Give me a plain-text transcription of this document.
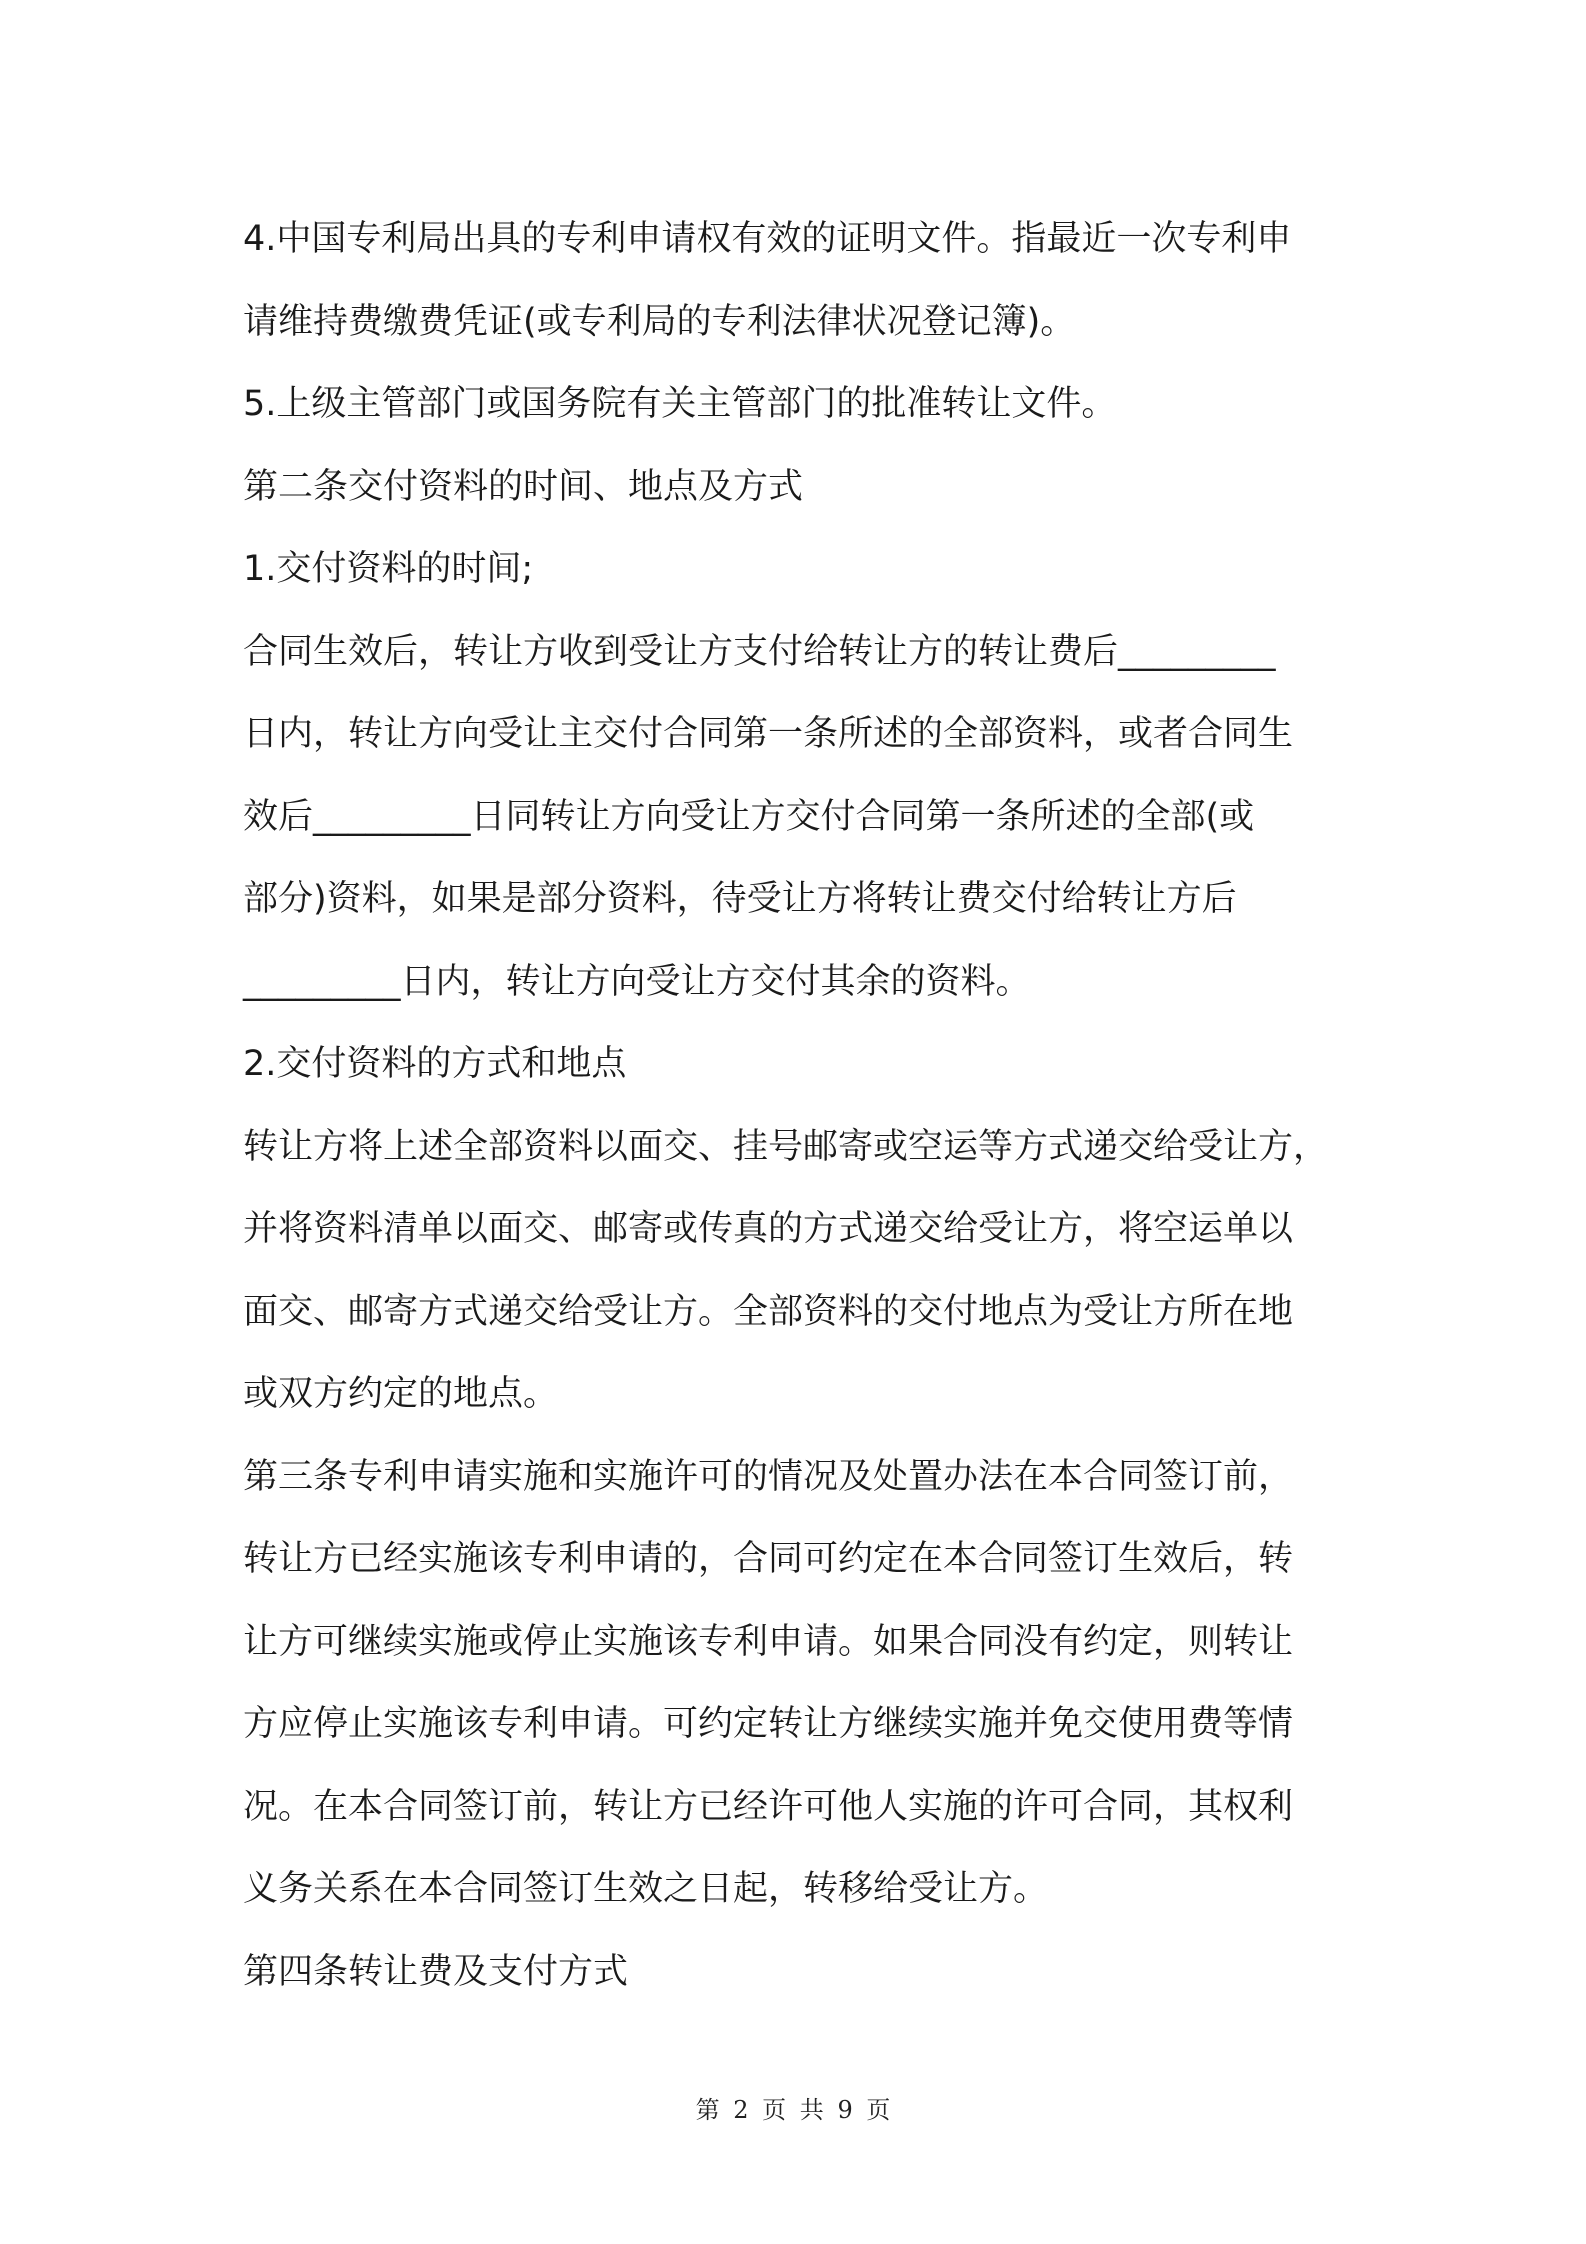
4.中国专利局出具的专利申请权有效的证明文件。指最近一次专利申
请维持费缴费凭证(或专利局的专利法律状况登记簿)。
5.上级主管部门或国务院有关主管部门的批准转让文件。
第二条交付资料的时间、地点及方式
1.交付资料的时间;
合同生效后，转让方收到受让方支付给转让方的转让费后_________
日内，转让方向受让主交付合同第一条所述的全部资料，或者合同生
效后_________日同转让方向受让方交付合同第一条所述的全部(或
部分)资料，如果是部分资料，待受让方将转让费交付给转让方后
_________日内，转让方向受让方交付其余的资料。
2.交付资料的方式和地点
转让方将上述全部资料以面交、挂号邮寄或空运等方式递交给受让方，
并将资料清单以面交、邮寄或传真的方式递交给受让方，将空运单以
面交、邮寄方式递交给受让方。全部资料的交付地点为受让方所在地
或双方约定的地点。
第三条专利申请实施和实施许可的情况及处置办法在本合同签订前，
转让方已经实施该专利申请的，合同可约定在本合同签订生效后，转
让方可继续实施或停止实施该专利申请。如果合同没有约定，则转让
方应停止实施该专利申请。可约定转让方继续实施并免交使用费等情
况。在本合同签订前，转让方已经许可他人实施的许可合同，其权利
义务关系在本合同签订生效之日起，转移给受让方。
第四条转让费及支付方式
第 2 页 共 9 页
